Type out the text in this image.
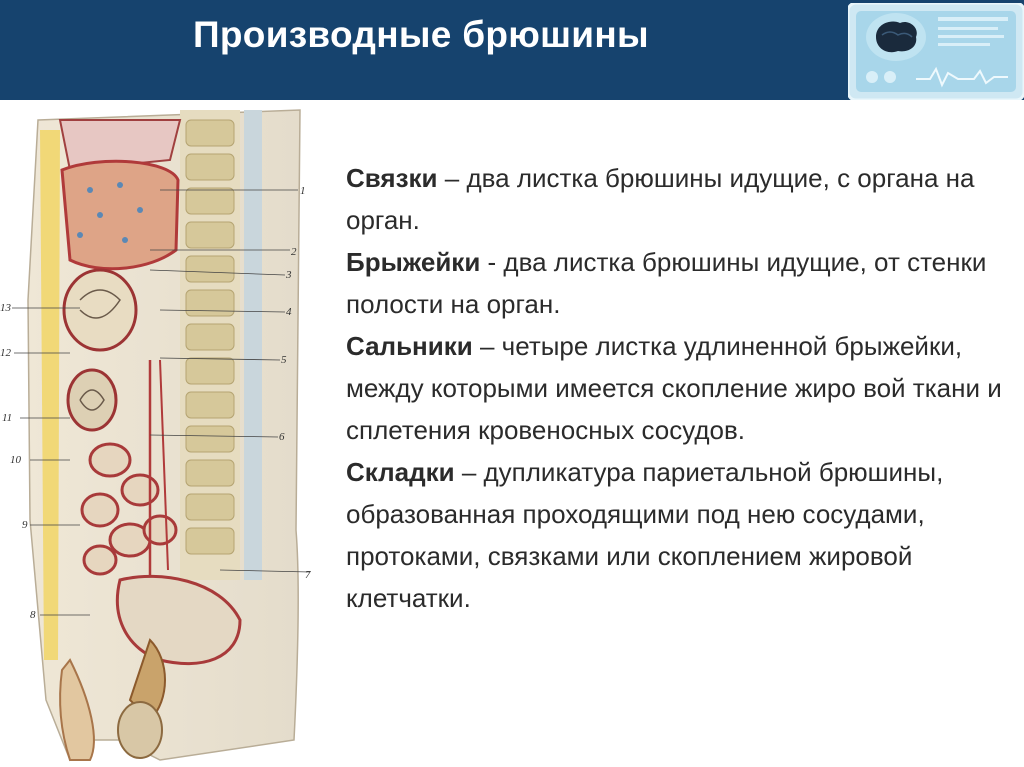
Производные брюшины
1
2
3
4
5
6
7
8
9
10
11
12
13

Связки – два листка брюшины идущие, с органа на орган.

Брыжейки - два листка брюшины идущие, от стенки полости на орган.

Сальники – четыре листка удлиненной брыжейки, между которыми имеется скопление жиро вой ткани и сплетения кровеносных сосудов.

Складки – дупликатура париетальной брюшины, образованная проходящими под нею сосудами, протоками, связками или скоплением жировой клетчатки.
